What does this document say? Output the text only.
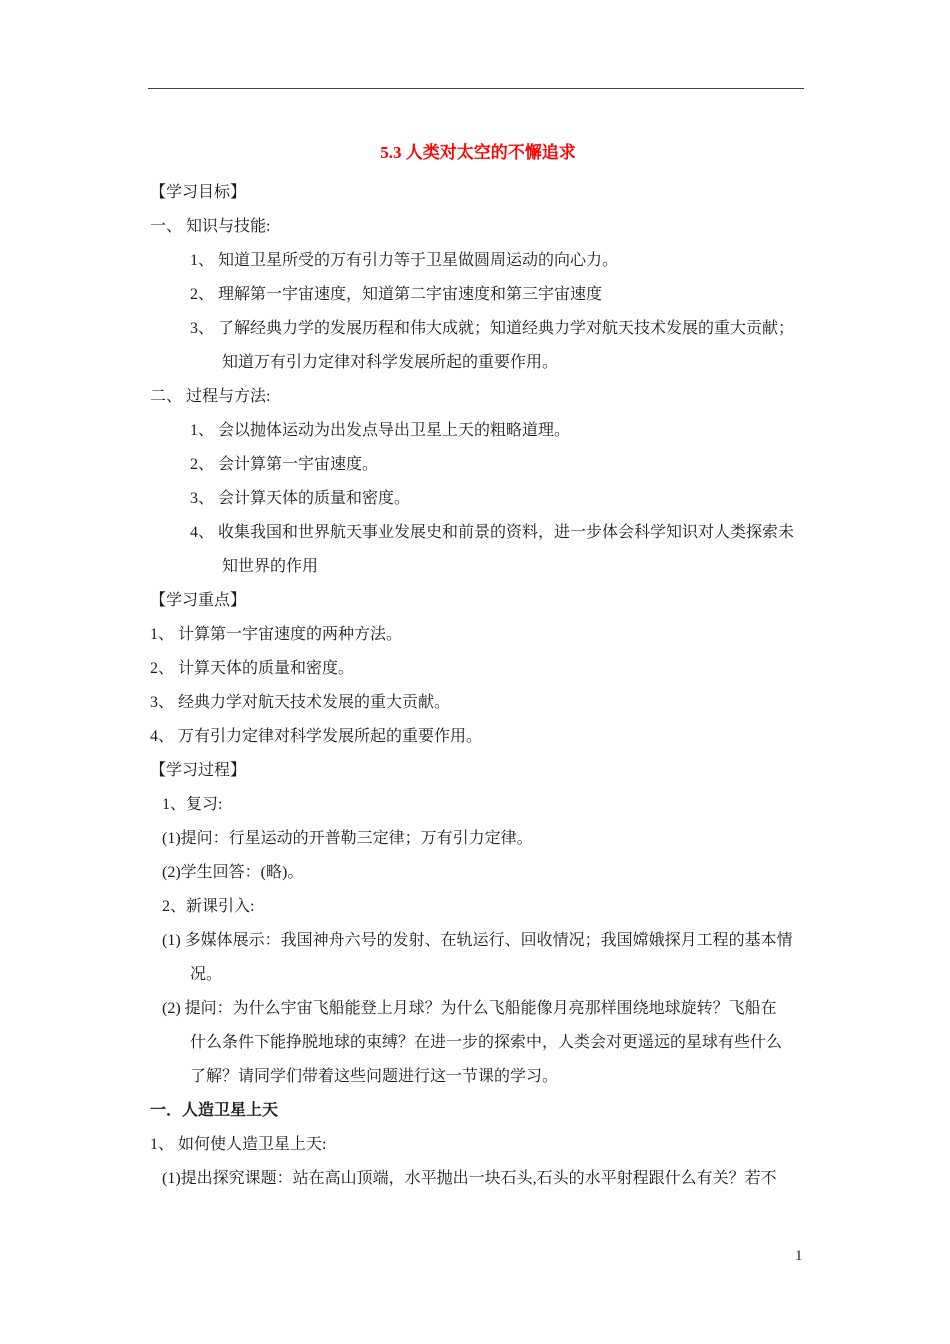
5.3 人类对太空的不懈追求
【学习目标】
一、 知识与技能:
1、 知道卫星所受的万有引力等于卫星做圆周运动的向心力。
2、 理解第一宇宙速度，知道第二宇宙速度和第三宇宙速度
3、 了解经典力学的发展历程和伟大成就；知道经典力学对航天技术发展的重大贡献；
知道万有引力定律对科学发展所起的重要作用。
二、 过程与方法:
1、 会以抛体运动为出发点导出卫星上天的粗略道理。
2、 会计算第一宇宙速度。
3、 会计算天体的质量和密度。
4、 收集我国和世界航天事业发展史和前景的资料，进一步体会科学知识对人类探索未
知世界的作用
【学习重点】
1、 计算第一宇宙速度的两种方法。
2、 计算天体的质量和密度。
3、 经典力学对航天技术发展的重大贡献。
4、 万有引力定律对科学发展所起的重要作用。
【学习过程】
1、复习:
(1)提问：行星运动的开普勒三定律；万有引力定律。
(2)学生回答：(略)。
2、新课引入:
(1) 多媒体展示：我国神舟六号的发射、在轨运行、回收情况；我国嫦娥探月工程的基本情
况。
(2) 提问：为什么宇宙飞船能登上月球？为什么飞船能像月亮那样围绕地球旋转？飞船在
什么条件下能挣脱地球的束缚？在进一步的探索中，人类会对更遥远的星球有些什么
了解？请同学们带着这些问题进行这一节课的学习。
一．人造卫星上天
1、 如何使人造卫星上天:
(1)提出探究课题：站在高山顶端，水平抛出一块石头,石头的水平射程跟什么有关？若不
1
